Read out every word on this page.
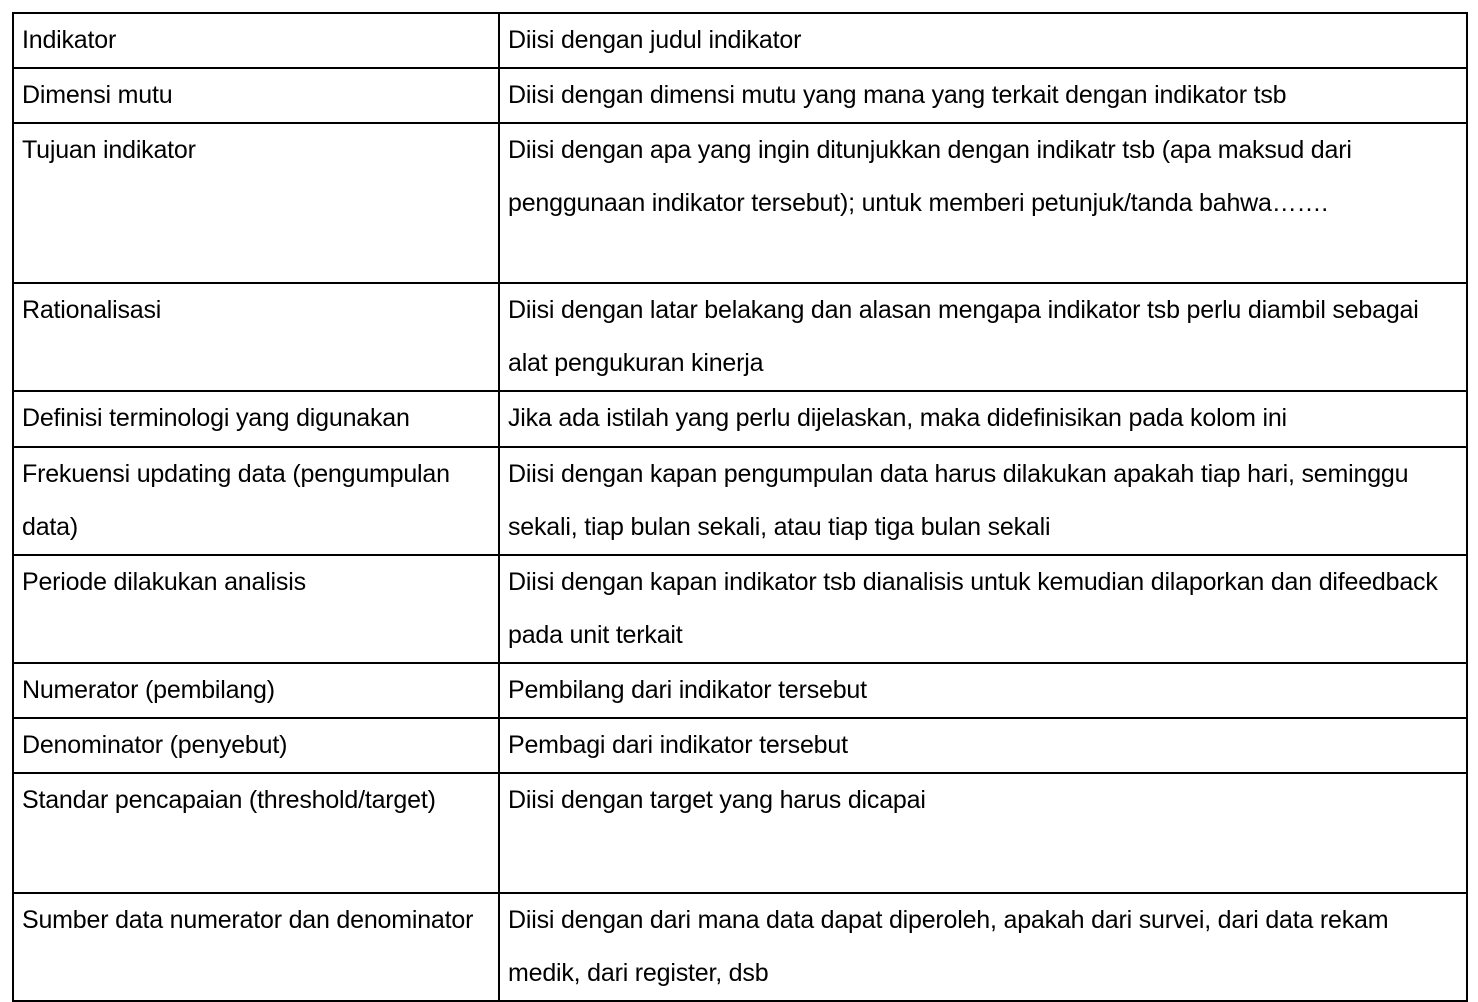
Indikator	Diisi dengan judul indikator

Dimensi mutu	Diisi dengan dimensi mutu yang mana yang terkait dengan indikator tsb

Tujuan indikator	Diisi dengan apa yang ingin ditunjukkan dengan indikatr tsb (apa maksud dari penggunaan indikator tersebut); untuk memberi petunjuk/tanda bahwa…….

Rationalisasi	Diisi dengan latar belakang dan alasan mengapa indikator tsb perlu diambil sebagai alat pengukuran kinerja

Definisi terminologi yang digunakan	Jika ada istilah yang perlu dijelaskan, maka didefinisikan pada kolom ini

Frekuensi updating data (pengumpulan data)	Diisi dengan kapan pengumpulan data harus dilakukan apakah tiap hari, seminggu sekali, tiap bulan sekali, atau tiap tiga bulan sekali

Periode dilakukan analisis	Diisi dengan kapan indikator tsb dianalisis untuk kemudian dilaporkan dan difeedback pada unit terkait

Numerator (pembilang)	Pembilang dari indikator tersebut

Denominator (penyebut)	Pembagi dari indikator tersebut

Standar pencapaian (threshold/target)	Diisi dengan target yang harus dicapai

Sumber data numerator dan denominator	Diisi dengan dari mana data dapat diperoleh, apakah dari survei, dari data rekam medik, dari register, dsb
